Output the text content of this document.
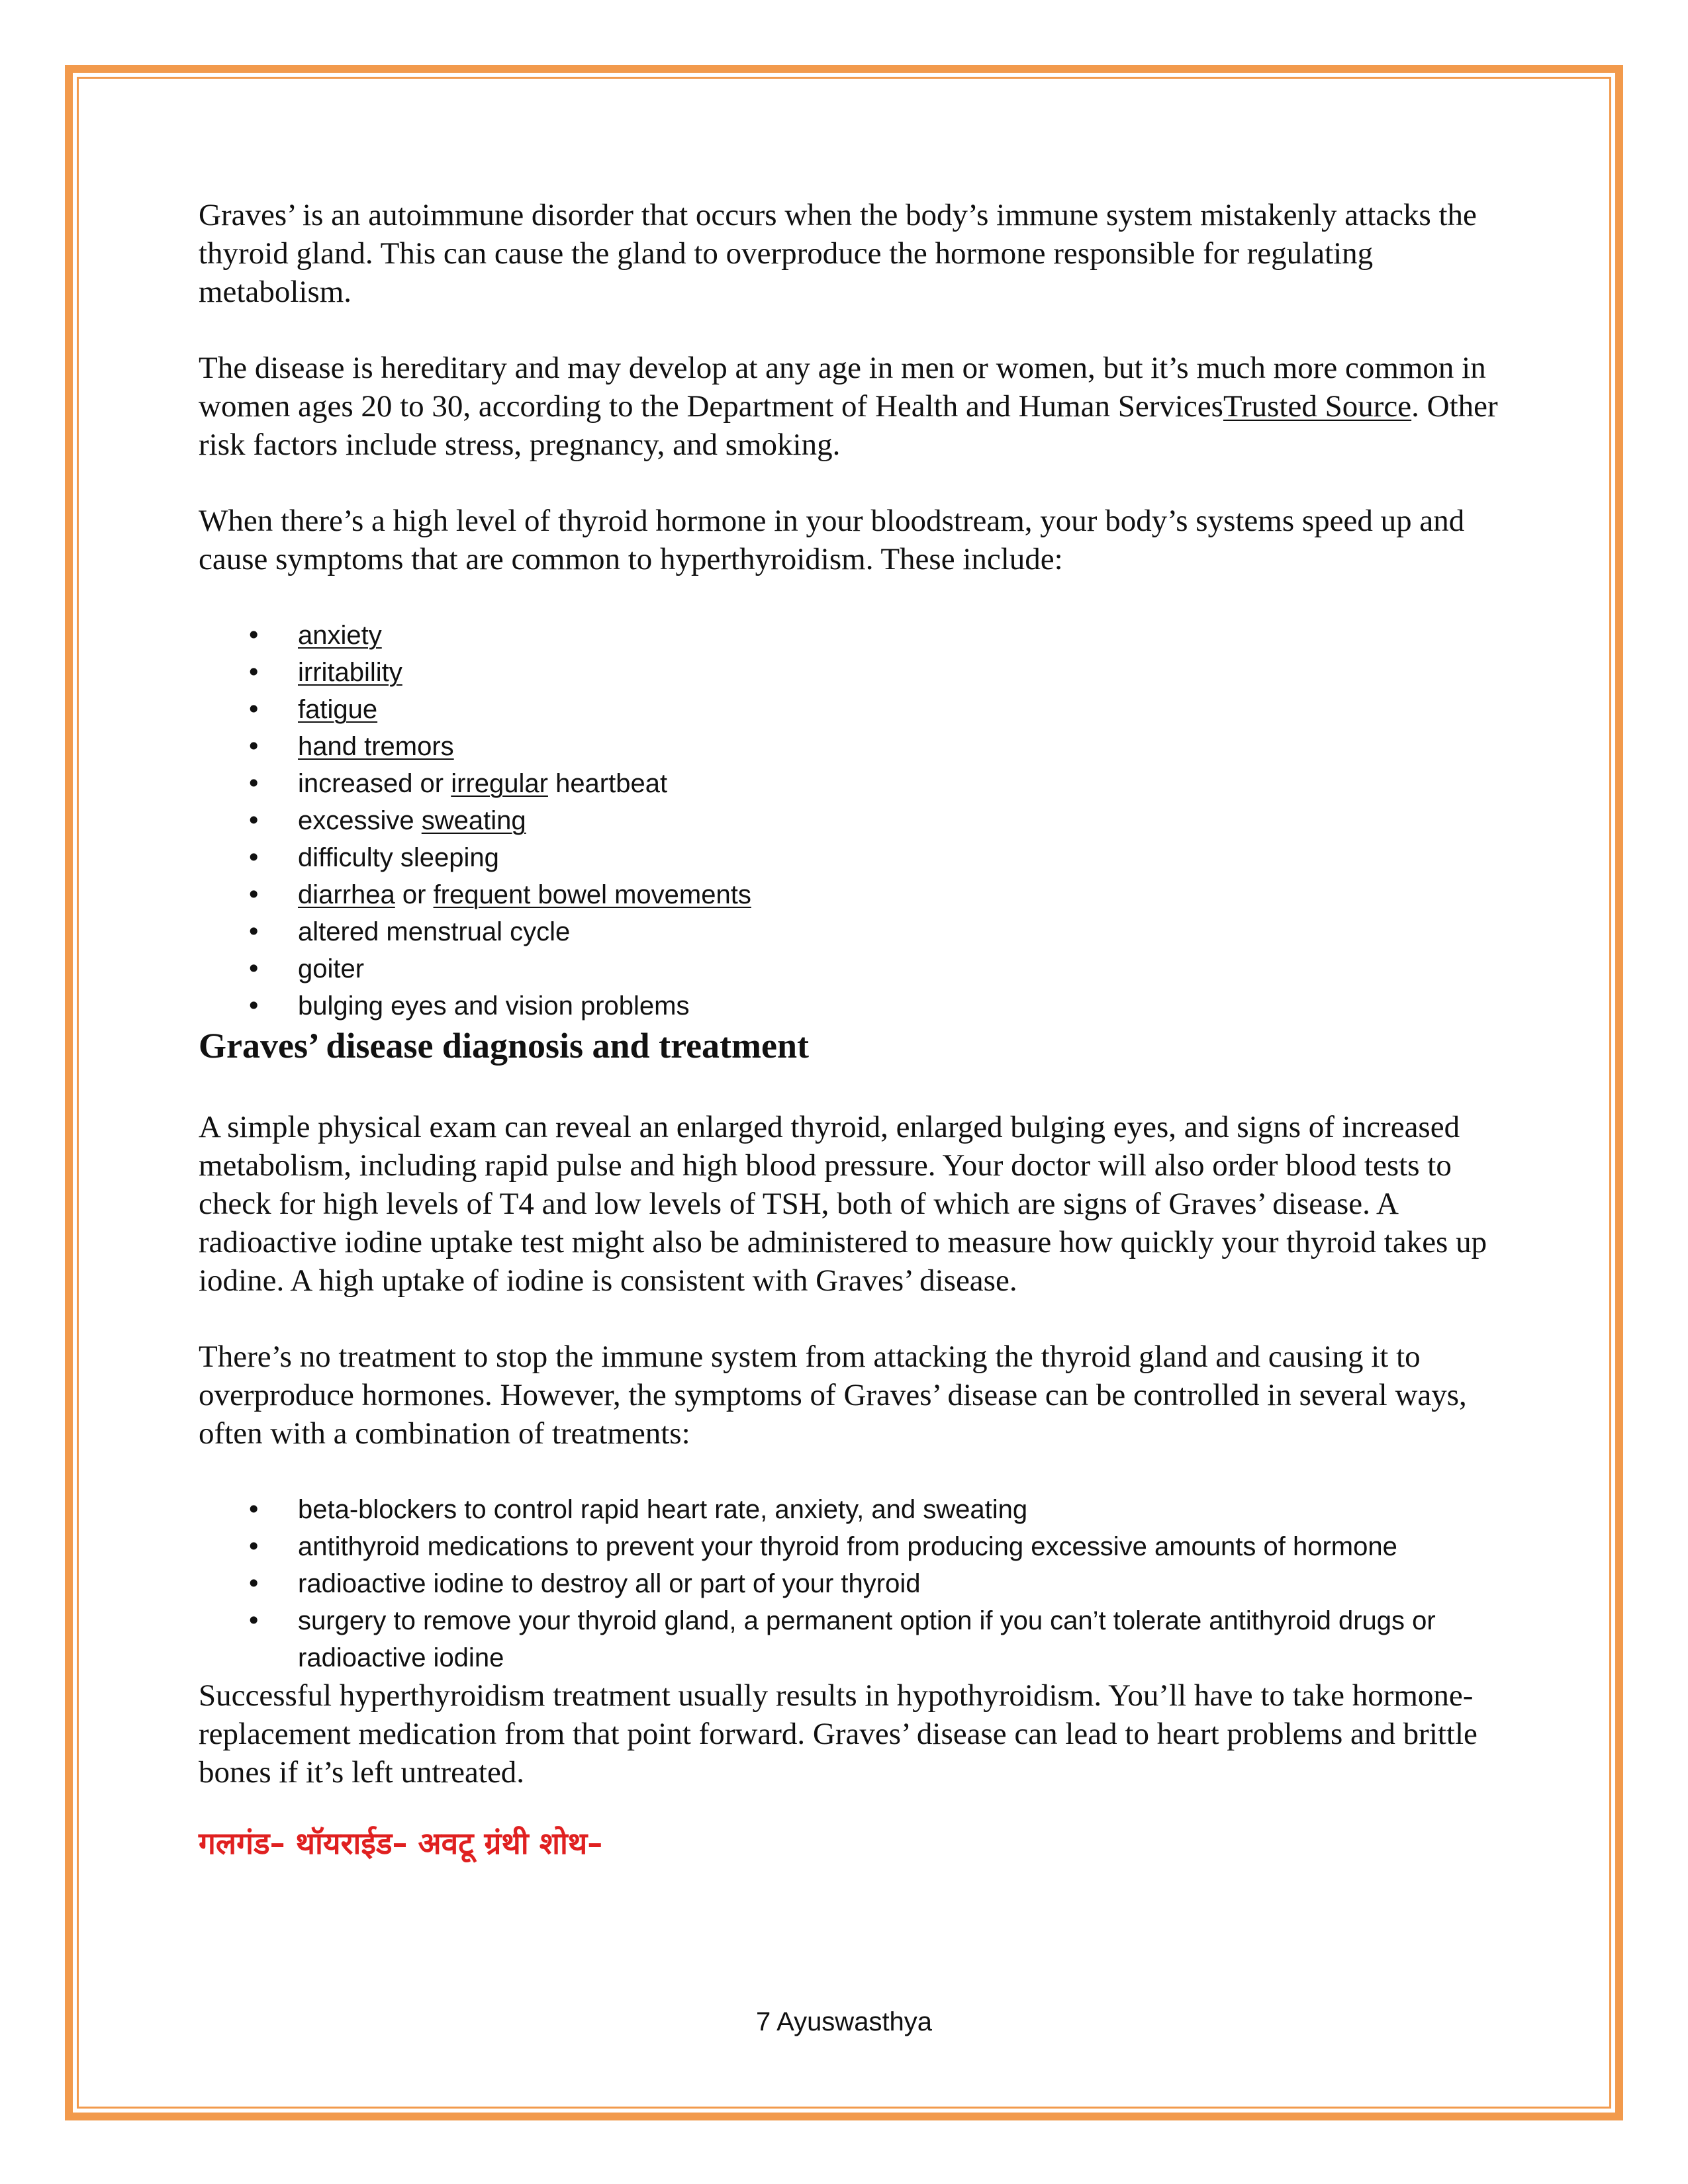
Graves’ is an autoimmune disorder that occurs when the body’s immune system mistakenly attacks the thyroid gland. This can cause the gland to overproduce the hormone responsible for regulating metabolism.

The disease is hereditary and may develop at any age in men or women, but it’s much more common in women ages 20 to 30, according to the Department of Health and Human ServicesTrusted Source. Other risk factors include stress, pregnancy, and smoking.

When there’s a high level of thyroid hormone in your bloodstream, your body’s systems speed up and cause symptoms that are common to hyperthyroidism. These include:

• anxiety
• irritability
• fatigue
• hand tremors
• increased or irregular heartbeat
• excessive sweating
• difficulty sleeping
• diarrhea or frequent bowel movements
• altered menstrual cycle
• goiter
• bulging eyes and vision problems
Graves’ disease diagnosis and treatment

A simple physical exam can reveal an enlarged thyroid, enlarged bulging eyes, and signs of increased metabolism, including rapid pulse and high blood pressure. Your doctor will also order blood tests to check for high levels of T4 and low levels of TSH, both of which are signs of Graves’ disease. A radioactive iodine uptake test might also be administered to measure how quickly your thyroid takes up iodine. A high uptake of iodine is consistent with Graves’ disease.

There’s no treatment to stop the immune system from attacking the thyroid gland and causing it to overproduce hormones. However, the symptoms of Graves’ disease can be controlled in several ways, often with a combination of treatments:

• beta-blockers to control rapid heart rate, anxiety, and sweating
• antithyroid medications to prevent your thyroid from producing excessive amounts of hormone
• radioactive iodine to destroy all or part of your thyroid
• surgery to remove your thyroid gland, a permanent option if you can’t tolerate antithyroid drugs or radioactive iodine

Successful hyperthyroidism treatment usually results in hypothyroidism. You’ll have to take hormone-replacement medication from that point forward. Graves’ disease can lead to heart problems and brittle bones if it’s left untreated.

गलगंड– थॉयराईड– अवटू ग्रंथी शोथ–

7 Ayuswasthya
